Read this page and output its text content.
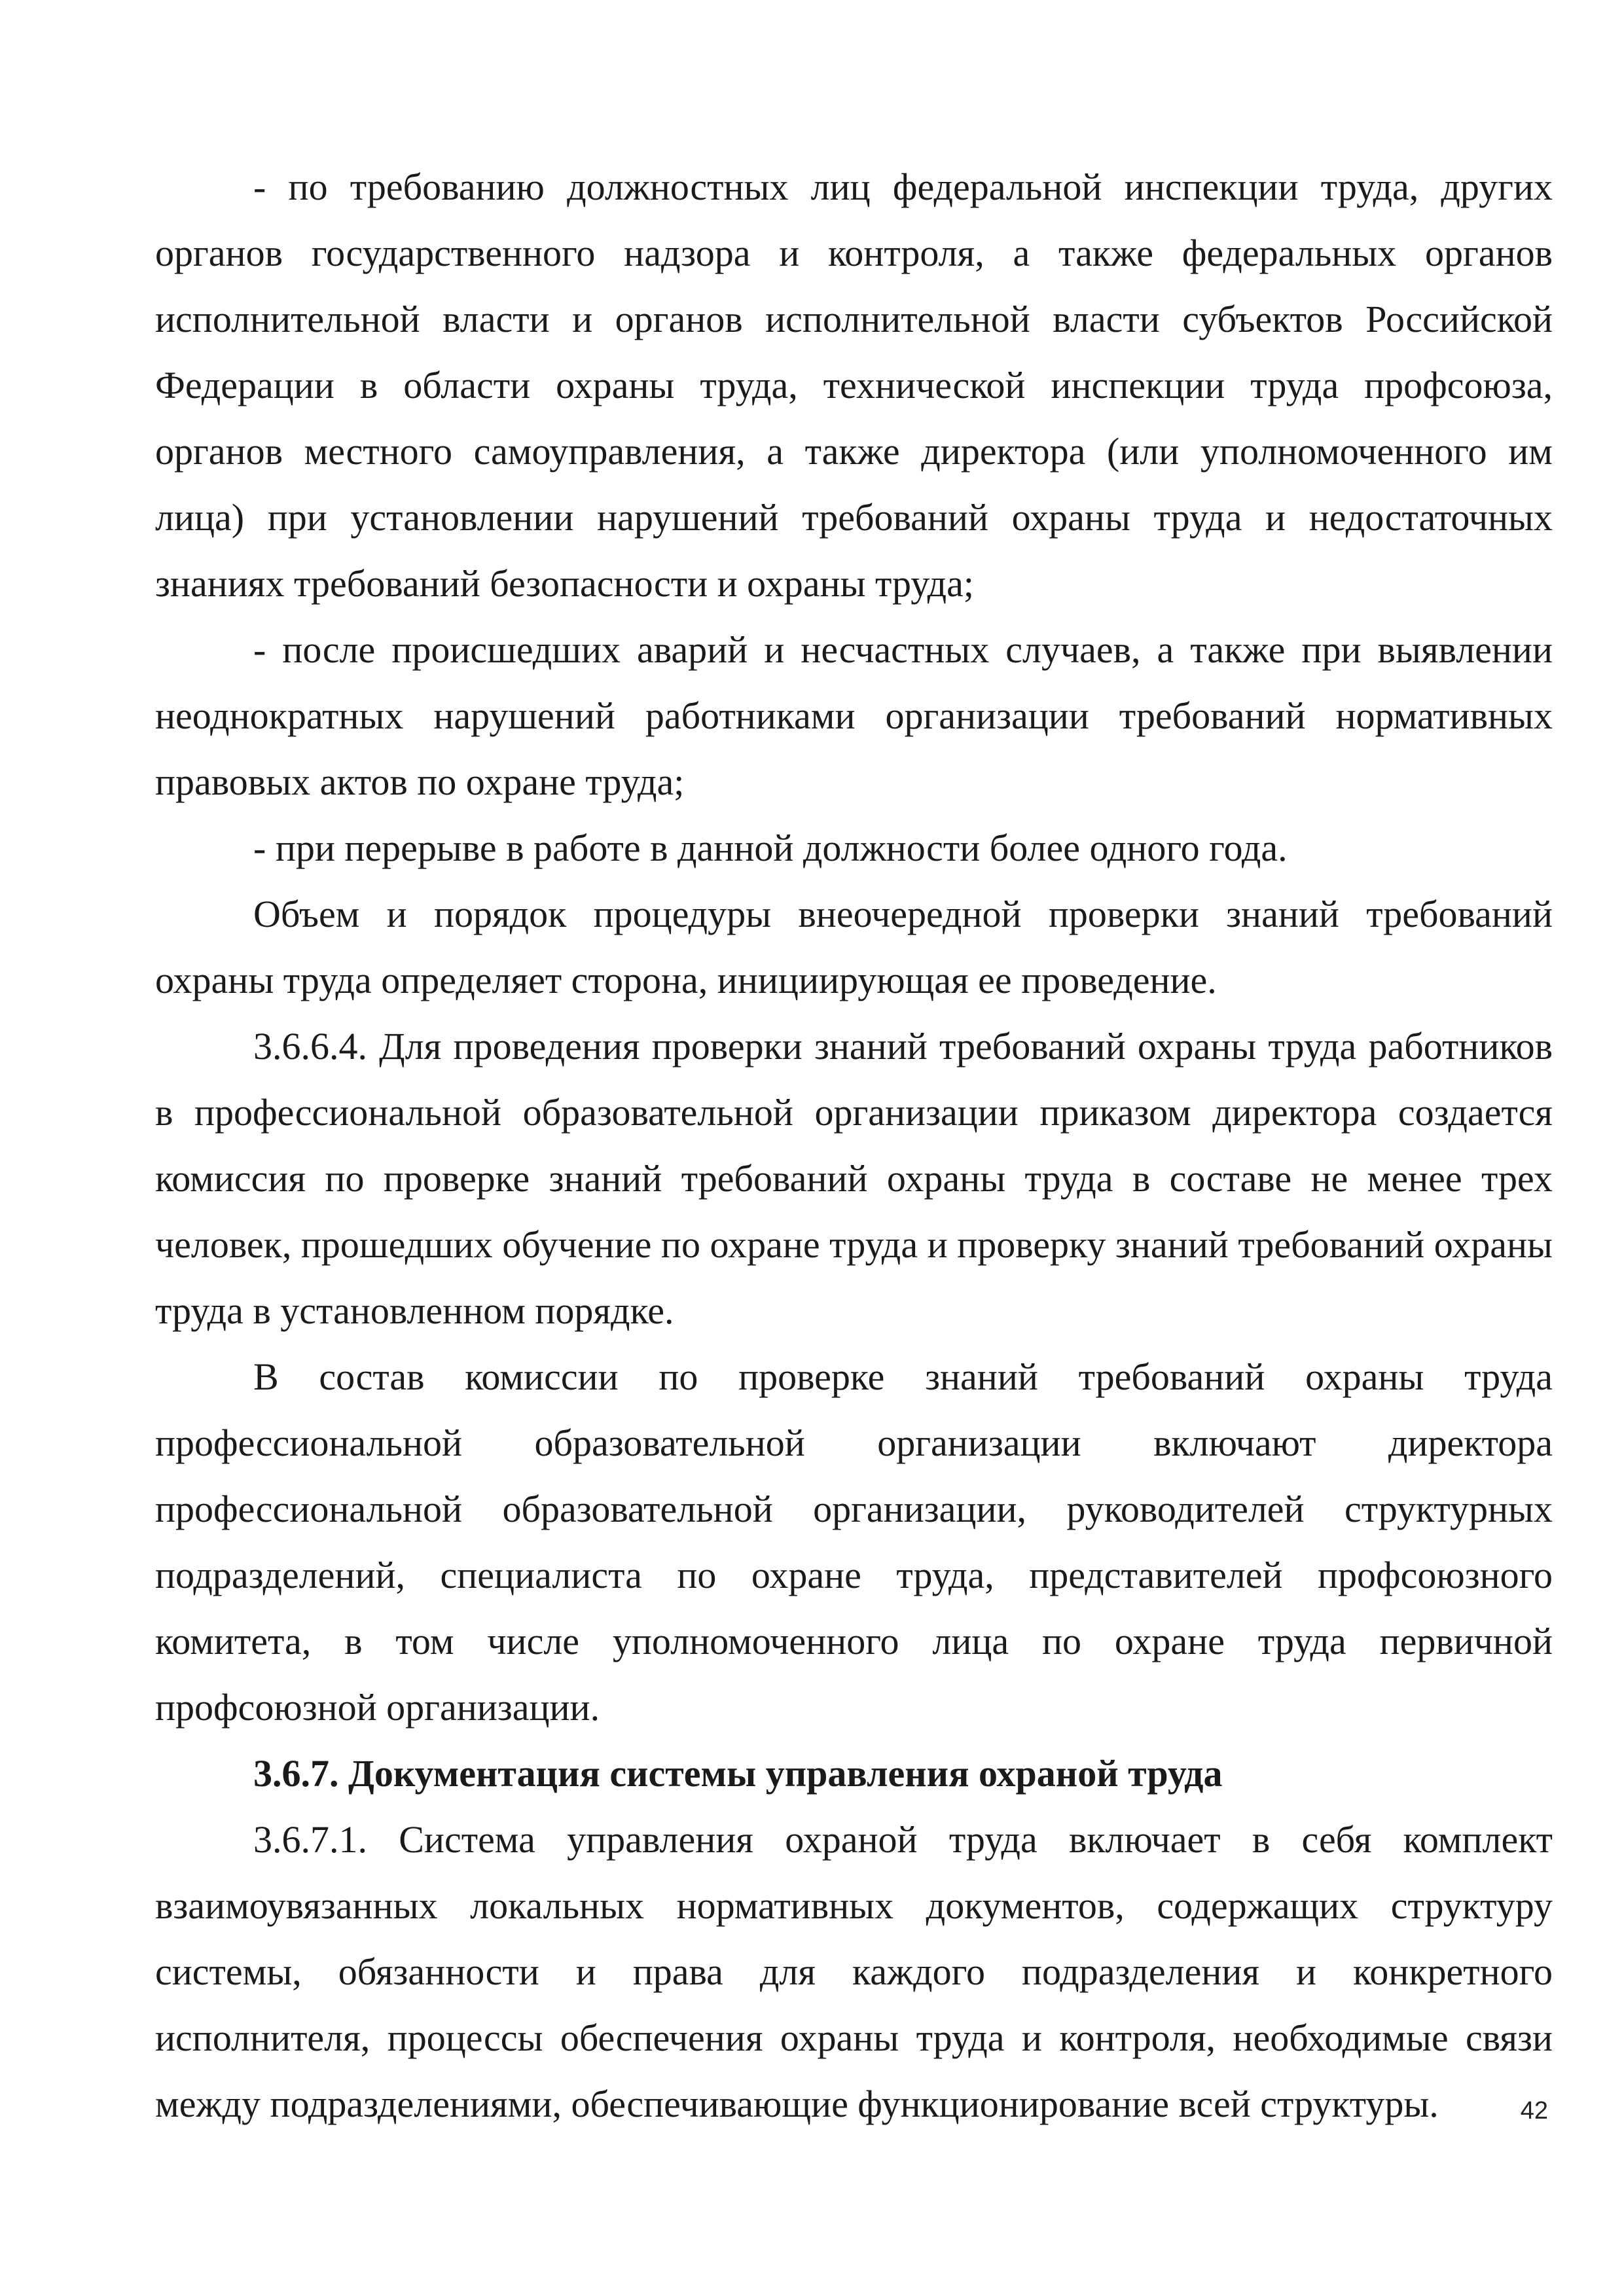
- по требованию должностных лиц федеральной инспекции труда, других органов государственного надзора и контроля, а также федеральных органов исполнительной власти и органов исполнительной власти субъектов Российской Федерации в области охраны труда, технической инспекции труда профсоюза, органов местного самоуправления, а также директора (или уполномоченного им лица) при установлении нарушений требований охраны труда и недостаточных знаниях требований безопасности и охраны труда;

- после происшедших аварий и несчастных случаев, а также при выявлении неоднократных нарушений работниками организации требований нормативных правовых актов по охране труда;

- при перерыве в работе в данной должности более одного года.

Объем и порядок процедуры внеочередной проверки знаний требований охраны труда определяет сторона, инициирующая ее проведение.

3.6.6.4. Для проведения проверки знаний требований охраны труда работников в профессиональной образовательной организации приказом директора создается комиссия по проверке знаний требований охраны труда в составе не менее трех человек, прошедших обучение по охране труда и проверку знаний требований охраны труда в установленном порядке.

В состав комиссии по проверке знаний требований охраны труда профессиональной образовательной организации включают директора профессиональной образовательной организации, руководителей структурных подразделений, специалиста по охране труда, представителей профсоюзного комитета, в том числе уполномоченного лица по охране труда первичной профсоюзной организации.

3.6.7. Документация системы управления охраной труда

3.6.7.1. Система управления охраной труда включает в себя комплект взаимоувязанных локальных нормативных документов, содержащих структуру системы, обязанности и права для каждого подразделения и конкретного исполнителя, процессы обеспечения охраны труда и контроля, необходимые связи между подразделениями, обеспечивающие функционирование всей структуры.	42
